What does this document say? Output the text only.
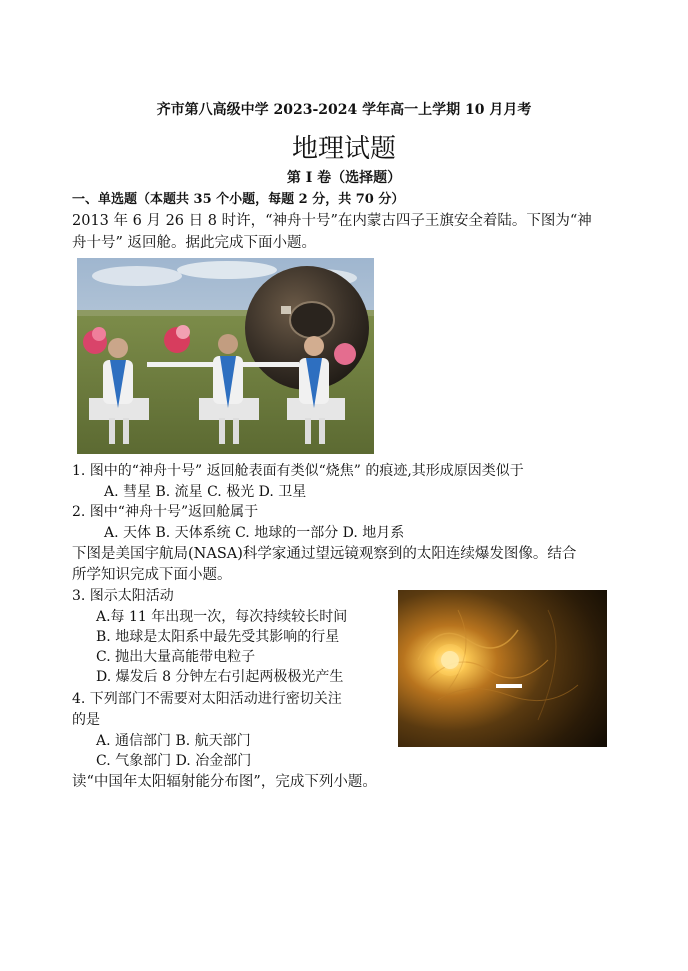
齐市第八高级中学 2023-2024 学年高一上学期 10 月月考
地理试题
第 I 卷（选择题）
一、单选题（本题共 35 个小题，每题 2 分，共 70 分）
2013 年 6 月 26 日 8 时许，“神舟十号”在内蒙古四子王旗安全着陆。下图为“神
舟十号” 返回舱。据此完成下面小题。
1. 图中的“神舟十号” 返回舱表面有类似“烧焦” 的痕迹,其形成原因类似于
A. 彗星 B. 流星 C. 极光 D. 卫星
2. 图中“神舟十号”返回舱属于
A. 天体 B. 天体系统 C. 地球的一部分 D. 地月系
下图是美国宇航局(NASA)科学家通过望远镜观察到的太阳连续爆发图像。结合
所学知识完成下面小题。
3. 图示太阳活动
A.每 11 年出现一次，每次持续较长时间
B. 地球是太阳系中最先受其影响的行星
C. 抛出大量高能带电粒子
D. 爆发后 8 分钟左右引起两极极光产生
4. 下列部门不需要对太阳活动进行密切关注
的是
A. 通信部门 B. 航天部门
C. 气象部门 D. 冶金部门
读“中国年太阳辐射能分布图”，完成下列小题。
